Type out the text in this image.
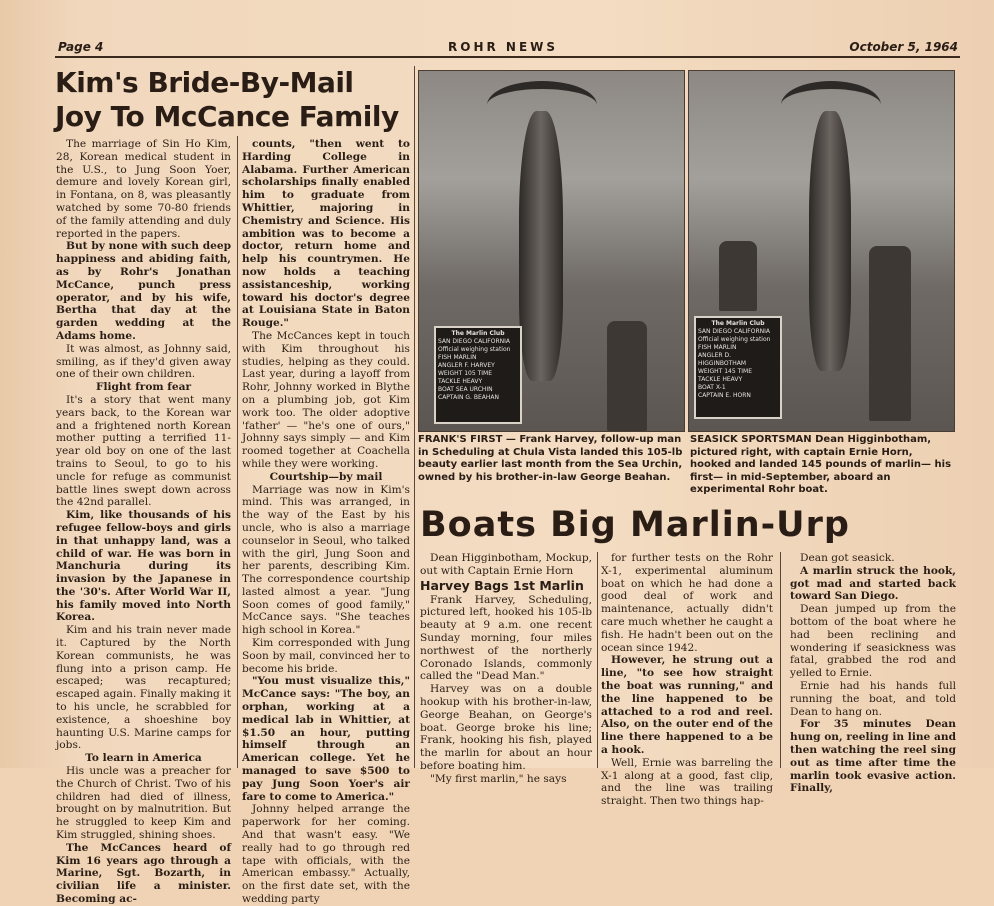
Page 4	ROHR NEWS	October 5, 1964
Kim's Bride-By-Mail
Joy To McCance Family

The marriage of Sin Ho Kim, 28, Korean medical student in the U.S., to Jung Soon Yoer, demure and lovely Korean girl, in Fontana, on 8, was pleasantly watched by some 70-80 friends of the family attending and duly reported in the papers.

But by none with such deep happiness and abiding faith, as by Rohr's Jonathan McCance, punch press operator, and by his wife, Bertha that day at the garden wedding at the Adams home.

It was almost, as Johnny said, smiling, as if they'd given away one of their own children.

Flight from fear

It's a story that went many years back, to the Korean war and a frightened north Korean mother putting a terrified 11-year old boy on one of the last trains to Seoul, to go to his uncle for refuge as communist battle lines swept down across the 42nd parallel.

Kim, like thousands of his refugee fellow-boys and girls in that unhappy land, was a child of war. He was born in Manchuria during its invasion by the Japanese in the '30's. After World War II, his family moved into North Korea.

Kim and his train never made it. Captured by the North Korean communists, he was flung into a prison camp. He escaped; was recaptured; escaped again. Finally making it to his uncle, he scrabbled for existence, a shoeshine boy haunting U.S. Marine camps for jobs.

To learn in America

His uncle was a preacher for the Church of Christ. Two of his children had died of illness, brought on by malnutrition. But he struggled to keep Kim and Kim struggled, shining shoes.

The McCances heard of Kim 16 years ago through a Marine, Sgt. Bozarth, in civilian life a minister. Becoming ac-

counts, "then went to Harding College in Alabama. Further American scholarships finally enabled him to graduate from Whittier, majoring in Chemistry and Science. His ambition was to become a doctor, return home and help his countrymen. He now holds a teaching assistanceship, working toward his doctor's degree at Louisiana State in Baton Rouge."

The McCances kept in touch with Kim throughout his studies, helping as they could. Last year, during a layoff from Rohr, Johnny worked in Blythe on a plumbing job, got Kim work too. The older adoptive 'father' — "he's one of ours," Johnny says simply — and Kim roomed together at Coachella while they were working.

Courtship—by mail

Marriage was now in Kim's mind. This was arranged, in the way of the East by his uncle, who is also a marriage counselor in Seoul, who talked with the girl, Jung Soon and her parents, describing Kim. The correspondence courtship lasted almost a year. "Jung Soon comes of good family," McCance says. "She teaches high school in Korea."

Kim corresponded with Jung Soon by mail, convinced her to become his bride.

"You must visualize this," McCance says: "The boy, an orphan, working at a medical lab in Whittier, at $1.50 an hour, putting himself through an American college. Yet he managed to save $500 to pay Jung Soon Yoer's air fare to come to America."

Johnny helped arrange the paperwork for her coming. And that wasn't easy. "We really had to go through red tape with officials, with the American embassy." Actually, on the first date set, with the wedding party

The Marlin Club
SAN DIEGO CALIFORNIA
Official weighing station
FISH MARLIN
ANGLER F. HARVEY
WEIGHT 105 TIME
TACKLE HEAVY
BOAT SEA URCHIN
CAPTAIN G. BEAHAN
The Marlin Club
SAN DIEGO CALIFORNIA
Official weighing station
FISH MARLIN
ANGLER D. HIGGINBOTHAM
WEIGHT 145 TIME
TACKLE HEAVY
BOAT X-1
CAPTAIN E. HORN
FRANK'S FIRST — Frank Harvey, follow-up man in Scheduling at Chula Vista landed this 105-lb beauty earlier last month from the Sea Urchin, owned by his brother-in-law George Beahan.
SEASICK SPORTSMAN Dean Higginbotham, pictured right, with captain Ernie Horn, hooked and landed 145 pounds of marlin— his first— in mid-September, aboard an experimental Rohr boat.
Boats Big Marlin-Urp

Dean Higginbotham, Mockup, out with Captain Ernie Horn

Harvey Bags 1st Marlin

Frank Harvey, Scheduling, pictured left, hooked his 105-lb beauty at 9 a.m. one recent Sunday morning, four miles northwest of the northerly Coronado Islands, commonly called the "Dead Man."

Harvey was on a double hookup with his brother-in-law, George Beahan, on George's boat. George broke his line; Frank, hooking his fish, played the marlin for about an hour before boating him.

"My first marlin," he says

for further tests on the Rohr X-1, experimental aluminum boat on which he had done a good deal of work and maintenance, actually didn't care much whether he caught a fish. He hadn't been out on the ocean since 1942.

However, he strung out a line, "to see how straight the boat was running," and the line happened to be attached to a rod and reel. Also, on the outer end of the line there happened to a be a hook.

Well, Ernie was barreling the X-1 along at a good, fast clip, and the line was trailing straight. Then two things hap-

Dean got seasick.

A marlin struck the hook, got mad and started back toward San Diego.

Dean jumped up from the bottom of the boat where he had been reclining and wondering if seasickness was fatal, grabbed the rod and yelled to Ernie.

Ernie had his hands full running the boat, and told Dean to hang on.

For 35 minutes Dean hung on, reeling in line and then watching the reel sing out as time after time the marlin took evasive action. Finally,
